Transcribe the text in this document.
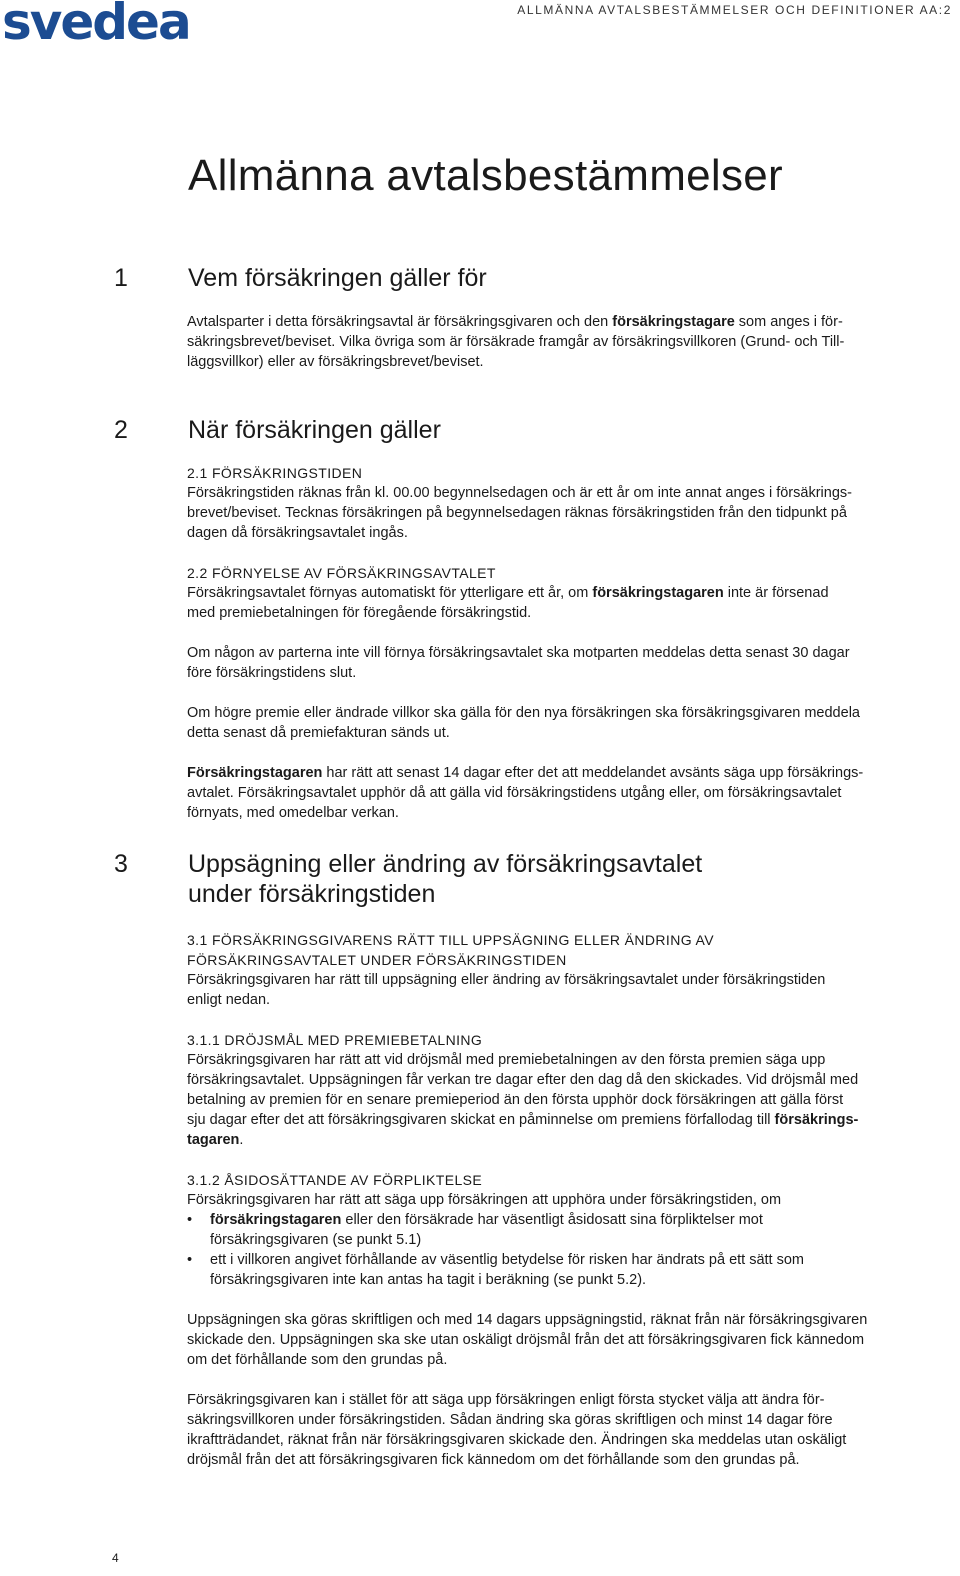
svedea	ALLMÄNNA AVTALSBESTÄMMELSER OCH DEFINITIONER AA:2
Allmänna avtalsbestämmelser
1 Vem försäkringen gäller för

Avtalsparter i detta försäkringsavtal är försäkringsgivaren och den försäkringstagare som anges i för-
säkringsbrevet/beviset. Vilka övriga som är försäkrade framgår av försäkringsvillkoren (Grund- och Till-
läggsvillkor) eller av försäkringsbrevet/beviset.

2 När försäkringen gäller
2.1 FÖRSÄKRINGSTIDEN

Försäkringstiden räknas från kl. 00.00 begynnelsedagen och är ett år om inte annat anges i försäkrings-
brevet/beviset. Tecknas försäkringen på begynnelsedagen räknas försäkringstiden från den tidpunkt på
dagen då försäkringsavtalet ingås.

2.2 FÖRNYELSE AV FÖRSÄKRINGSAVTALET

Försäkringsavtalet förnyas automatiskt för ytterligare ett år, om försäkringstagaren inte är försenad
med premiebetalningen för föregående försäkringstid.

Om någon av parterna inte vill förnya försäkringsavtalet ska motparten meddelas detta senast 30 dagar
före försäkringstidens slut.

Om högre premie eller ändrade villkor ska gälla för den nya försäkringen ska försäkringsgivaren meddela
detta senast då premiefakturan sänds ut.

Försäkringstagaren har rätt att senast 14 dagar efter det att meddelandet avsänts säga upp försäkrings-
avtalet. Försäkringsavtalet upphör då att gälla vid försäkringstidens utgång eller, om försäkringsavtalet
förnyats, med omedelbar verkan.

3 Uppsägning eller ändring av försäkringsavtalet
under försäkringstiden
3.1 FÖRSÄKRINGSGIVARENS RÄTT TILL UPPSÄGNING ELLER ÄNDRING AV
FÖRSÄKRINGSAVTALET UNDER FÖRSÄKRINGSTIDEN

Försäkringsgivaren har rätt till uppsägning eller ändring av försäkringsavtalet under försäkringstiden
enligt nedan.

3.1.1 DRÖJSMÅL MED PREMIEBETALNING

Försäkringsgivaren har rätt att vid dröjsmål med premiebetalningen av den första premien säga upp
försäkringsavtalet. Uppsägningen får verkan tre dagar efter den dag då den skickades. Vid dröjsmål med
betalning av premien för en senare premieperiod än den första upphör dock försäkringen att gälla först
sju dagar efter det att försäkringsgivaren skickat en påminnelse om premiens förfallodag till försäkrings-
tagaren.

3.1.2 ÅSIDOSÄTTANDE AV FÖRPLIKTELSE

Försäkringsgivaren har rätt att säga upp försäkringen att upphöra under försäkringstiden, om

• försäkringstagaren eller den försäkrade har väsentligt åsidosatt sina förpliktelser mot
försäkringsgivaren (se punkt 5.1)
• ett i villkoren angivet förhållande av väsentlig betydelse för risken har ändrats på ett sätt som
försäkringsgivaren inte kan antas ha tagit i beräkning (se punkt 5.2).

Uppsägningen ska göras skriftligen och med 14 dagars uppsägningstid, räknat från när försäkringsgivaren
skickade den. Uppsägningen ska ske utan oskäligt dröjsmål från det att försäkringsgivaren fick kännedom
om det förhållande som den grundas på.

Försäkringsgivaren kan i stället för att säga upp försäkringen enligt första stycket välja att ändra för-
säkringsvillkoren under försäkringstiden. Sådan ändring ska göras skriftligen och minst 14 dagar före
ikraftträdandet, räknat från när försäkringsgivaren skickade den. Ändringen ska meddelas utan oskäligt
dröjsmål från det att försäkringsgivaren fick kännedom om det förhållande som den grundas på.

4
